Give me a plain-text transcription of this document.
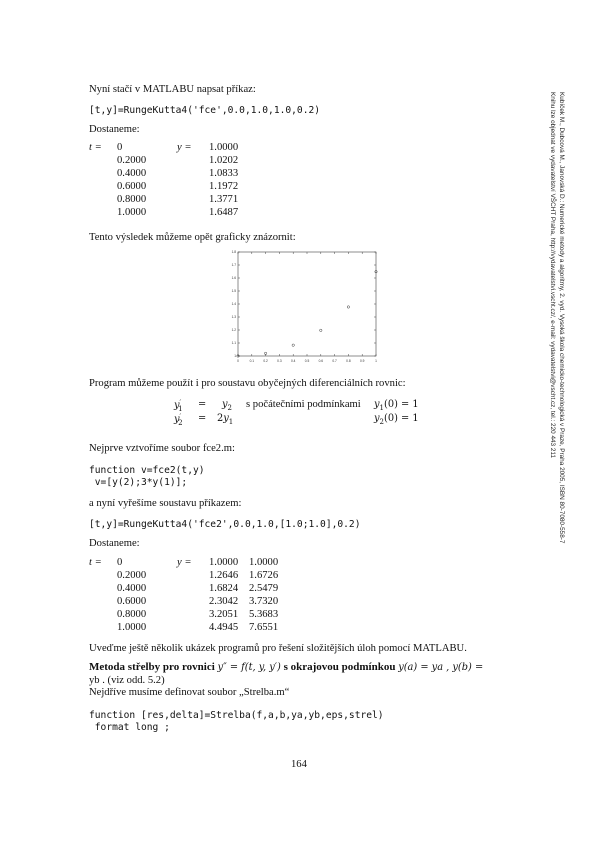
Kubíček M., Dubcová M., Janovská D.: Numerické metody a algoritmy, 2. vyd. Vysoká škola chemicko-technologická v Praze, Praha 2005, ISBN 80-7080-558-7
Knihu lze objednat ve vydavatelství VŠCHT Praha, http://vydavatelstvi.vscht.cz/, e-mail: vydavatelstvi@vscht.cz, tel.: 220 443 211
Nyní stačí v MATLABU napsat příkaz:
[t,y]=RungeKutta4('fce',0.0,1.0,1.0,0.2)
Dostaneme:
t =	0	y =	1.0000
	0.2000		1.0202
	0.4000		1.0833
	0.6000		1.1972
	0.8000		1.3771
	1.0000		1.6487
Tento výsledek můžeme opět graficky znázornit:
0	0.1	0.2	0.3	0.4	0.5	0.6	0.7	0.8	0.9	1
1
1.1
1.2
1.3
1.4
1.5
1.6
1.7
1.8
Program můžeme použít i pro soustavu obyčejných diferenciálních rovnic:
$y'_1$	= $y_2$ s počátečními podmínkami $y_1(0) = 1$
$y'_2$	= $2y_1$	$y_2(0) = 1$
Nejprve vztvoříme soubor fce2.m:
function v=fce2(t,y)
v=[y(2);3*y(1)];
a nyní vyřešíme soustavu příkazem:
[t,y]=RungeKutta4('fce2',0.0,1.0,[1.0;1.0],0.2)
Dostaneme:
t =	0	y =	1.0000	1.0000
	0.2000		1.2646	1.6726
	0.4000		1.6824	2.5479
	0.6000		2.3042	3.7320
	0.8000		3.2051	5.3683
	1.0000		4.4945	7.6551
Uveďme ještě několik ukázek programů pro řešení složitějších úloh pomocí MATLABU.
Metoda střelby pro rovnici y″ = f(t, y, y′) s okrajovou podmínkou y(a) = ya , y(b) =
yb . (viz odd. 5.2)
Nejdříve musíme definovat soubor „Strelba.m“
function [res,delta]=Strelba(f,a,b,ya,yb,eps,strel)
format long ;
164
